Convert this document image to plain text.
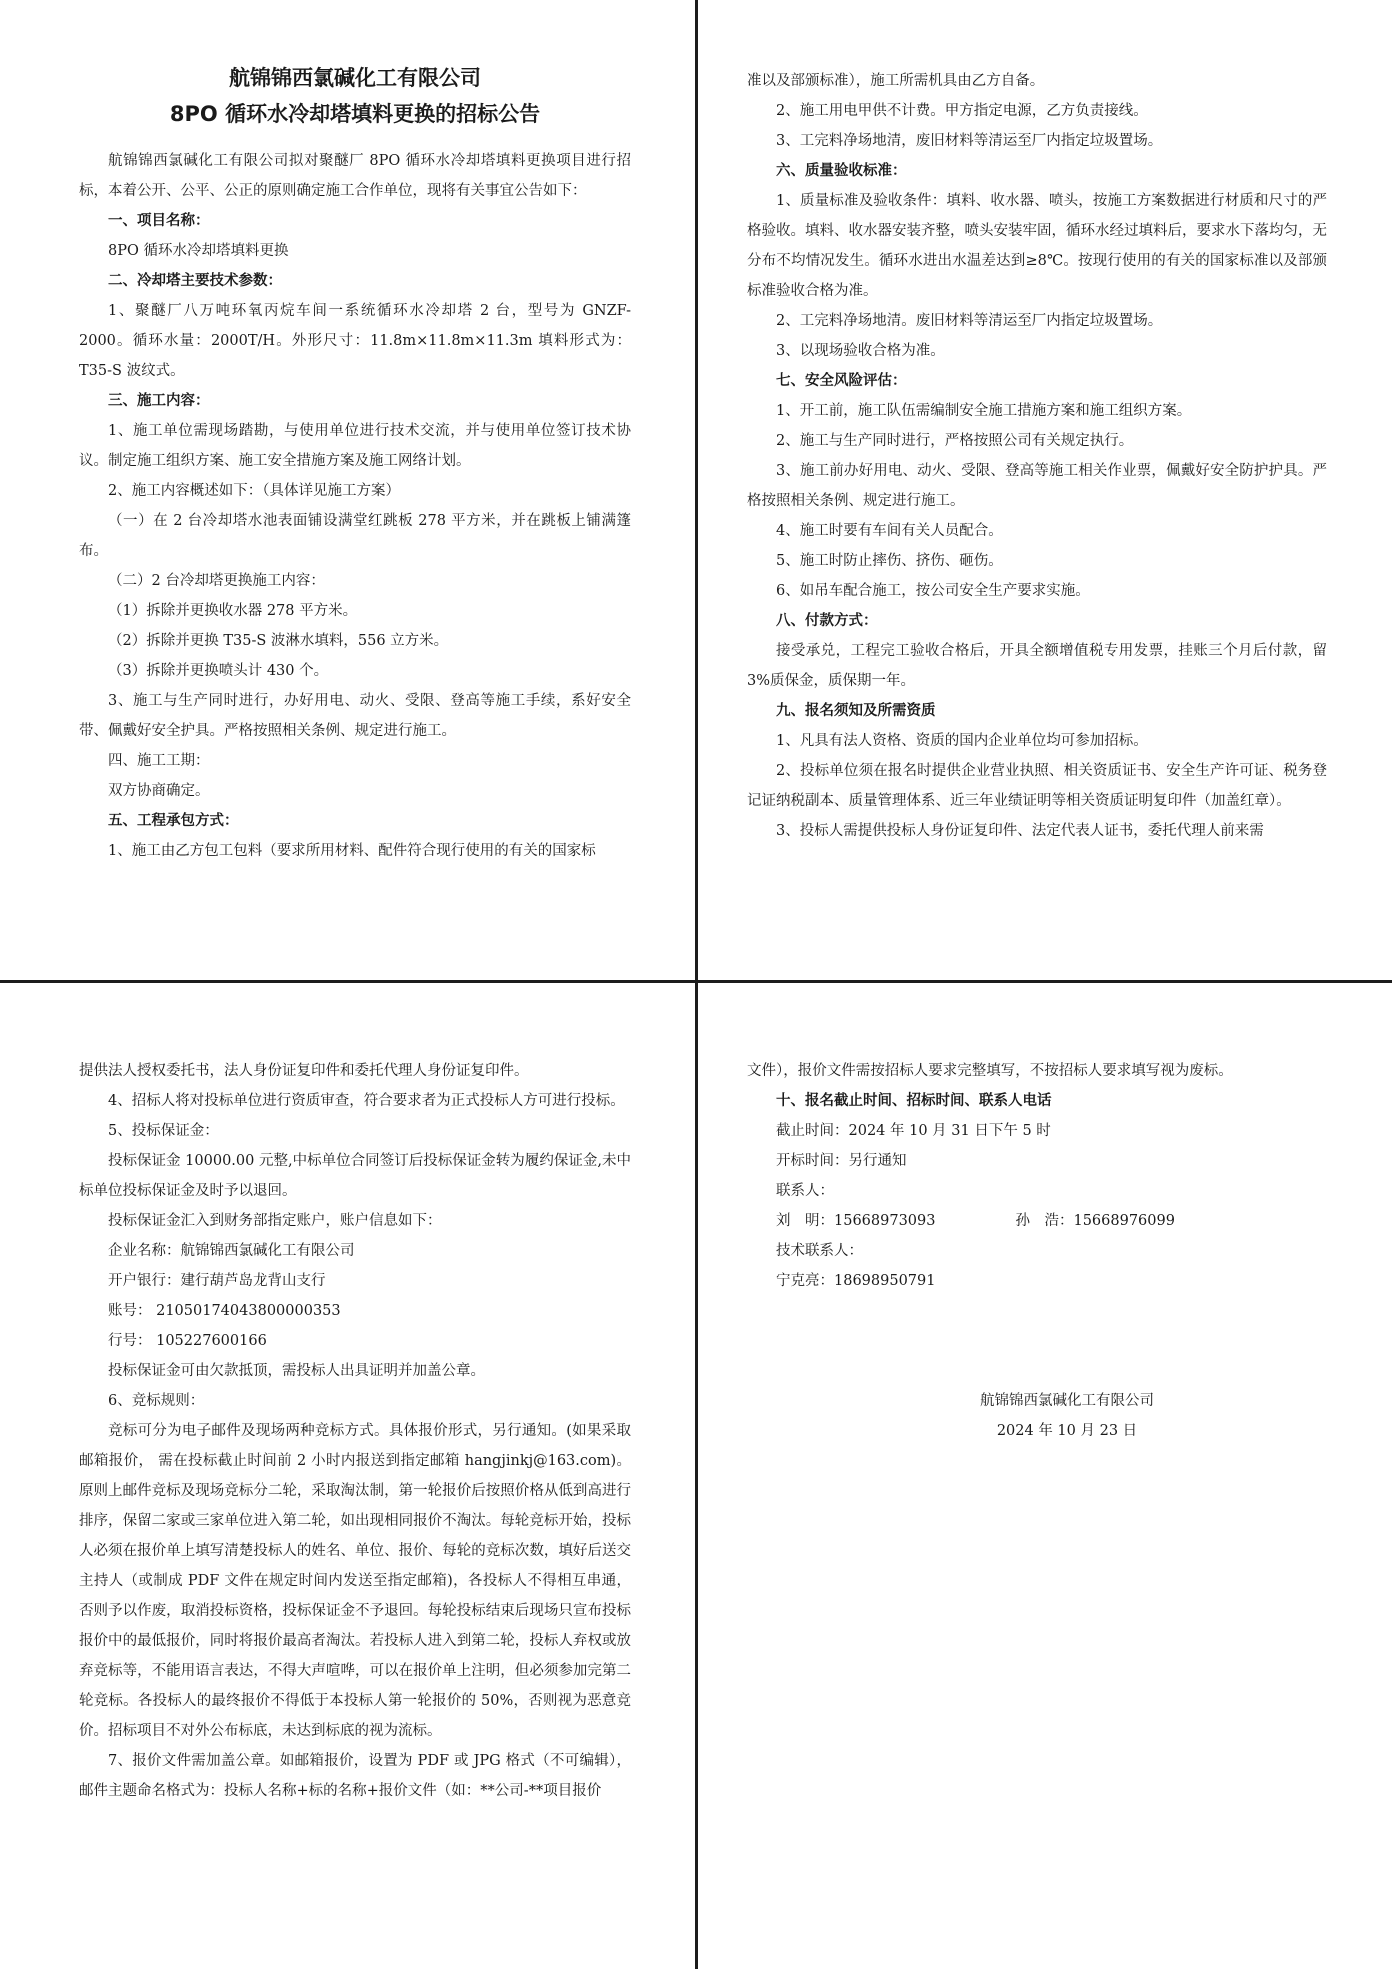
航锦锦西氯碱化工有限公司
8PO 循环水冷却塔填料更换的招标公告

航锦锦西氯碱化工有限公司拟对聚醚厂 8PO 循环水冷却塔填料更换项目进行招标，本着公开、公平、公正的原则确定施工合作单位，现将有关事宜公告如下：

一、项目名称：

8PO 循环水冷却塔填料更换

二、冷却塔主要技术参数：

1、聚醚厂八万吨环氧丙烷车间一系统循环水冷却塔 2 台，型号为 GNZF-2000。循环水量：2000T/H。外形尺寸：11.8m×11.8m×11.3m 填料形式为：T35-S 波纹式。

三、施工内容：

1、施工单位需现场踏勘，与使用单位进行技术交流，并与使用单位签订技术协议。制定施工组织方案、施工安全措施方案及施工网络计划。

2、施工内容概述如下：（具体详见施工方案）

（一）在 2 台冷却塔水池表面铺设满堂红跳板 278 平方米，并在跳板上铺满篷布。

（二）2 台冷却塔更换施工内容：

（1）拆除并更换收水器 278 平方米。

（2）拆除并更换 T35-S 波淋水填料，556 立方米。

（3）拆除并更换喷头计 430 个。

3、施工与生产同时进行，办好用电、动火、受限、登高等施工手续，系好安全带、佩戴好安全护具。严格按照相关条例、规定进行施工。

四、施工工期：

双方协商确定。

五、工程承包方式：

1、施工由乙方包工包料（要求所用材料、配件符合现行使用的有关的国家标

准以及部颁标准），施工所需机具由乙方自备。

2、施工用电甲供不计费。甲方指定电源，乙方负责接线。

3、工完料净场地清，废旧材料等清运至厂内指定垃圾置场。

六、质量验收标准：

1、质量标准及验收条件：填料、收水器、喷头，按施工方案数据进行材质和尺寸的严格验收。填料、收水器安装齐整，喷头安装牢固，循环水经过填料后，要求水下落均匀，无分布不均情况发生。循环水进出水温差达到≥8℃。按现行使用的有关的国家标准以及部颁标准验收合格为准。

2、工完料净场地清。废旧材料等清运至厂内指定垃圾置场。

3、以现场验收合格为准。

七、安全风险评估：

1、开工前，施工队伍需编制安全施工措施方案和施工组织方案。

2、施工与生产同时进行，严格按照公司有关规定执行。

3、施工前办好用电、动火、受限、登高等施工相关作业票，佩戴好安全防护护具。严格按照相关条例、规定进行施工。

4、施工时要有车间有关人员配合。

5、施工时防止摔伤、挤伤、砸伤。

6、如吊车配合施工，按公司安全生产要求实施。

八、付款方式：

接受承兑，工程完工验收合格后，开具全额增值税专用发票，挂账三个月后付款，留 3%质保金，质保期一年。

九、报名须知及所需资质

1、凡具有法人资格、资质的国内企业单位均可参加招标。

2、投标单位须在报名时提供企业营业执照、相关资质证书、安全生产许可证、税务登记证纳税副本、质量管理体系、近三年业绩证明等相关资质证明复印件（加盖红章）。

3、投标人需提供投标人身份证复印件、法定代表人证书，委托代理人前来需

提供法人授权委托书，法人身份证复印件和委托代理人身份证复印件。

4、招标人将对投标单位进行资质审查，符合要求者为正式投标人方可进行投标。

5、投标保证金：

投标保证金 10000.00 元整,中标单位合同签订后投标保证金转为履约保证金,未中标单位投标保证金及时予以退回。

投标保证金汇入到财务部指定账户，账户信息如下：

企业名称：航锦锦西氯碱化工有限公司

开户银行：建行葫芦岛龙背山支行

账号： 21050174043800000353

行号： 105227600166

投标保证金可由欠款抵顶，需投标人出具证明并加盖公章。

6、竞标规则：

竞标可分为电子邮件及现场两种竞标方式。具体报价形式，另行通知。(如果采取邮箱报价， 需在投标截止时间前 2 小时内报送到指定邮箱 hangjinkj@163.com)。原则上邮件竞标及现场竞标分二轮，采取淘汰制，第一轮报价后按照价格从低到高进行排序，保留二家或三家单位进入第二轮，如出现相同报价不淘汰。每轮竞标开始，投标人必须在报价单上填写清楚投标人的姓名、单位、报价、每轮的竞标次数，填好后送交主持人（或制成 PDF 文件在规定时间内发送至指定邮箱)，各投标人不得相互串通，否则予以作废，取消投标资格，投标保证金不予退回。每轮投标结束后现场只宣布投标报价中的最低报价，同时将报价最高者淘汰。若投标人进入到第二轮，投标人弃权或放弃竞标等，不能用语言表达，不得大声喧哗，可以在报价单上注明，但必须参加完第二轮竞标。各投标人的最终报价不得低于本投标人第一轮报价的 50%，否则视为恶意竞价。招标项目不对外公布标底，未达到标底的视为流标。

7、报价文件需加盖公章。如邮箱报价，设置为 PDF 或 JPG 格式（不可编辑），邮件主题命名格式为：投标人名称+标的名称+报价文件（如：**公司-**项目报价

文件），报价文件需按招标人要求完整填写，不按招标人要求填写视为废标。

十、报名截止时间、招标时间、联系人电话

截止时间：2024 年 10 月 31 日下午 5 时

开标时间：另行通知

联系人：

刘　明：15668973093	孙　浩：15668976099

技术联系人：

宁克亮：18698950791

航锦锦西氯碱化工有限公司

2024 年 10 月 23 日
